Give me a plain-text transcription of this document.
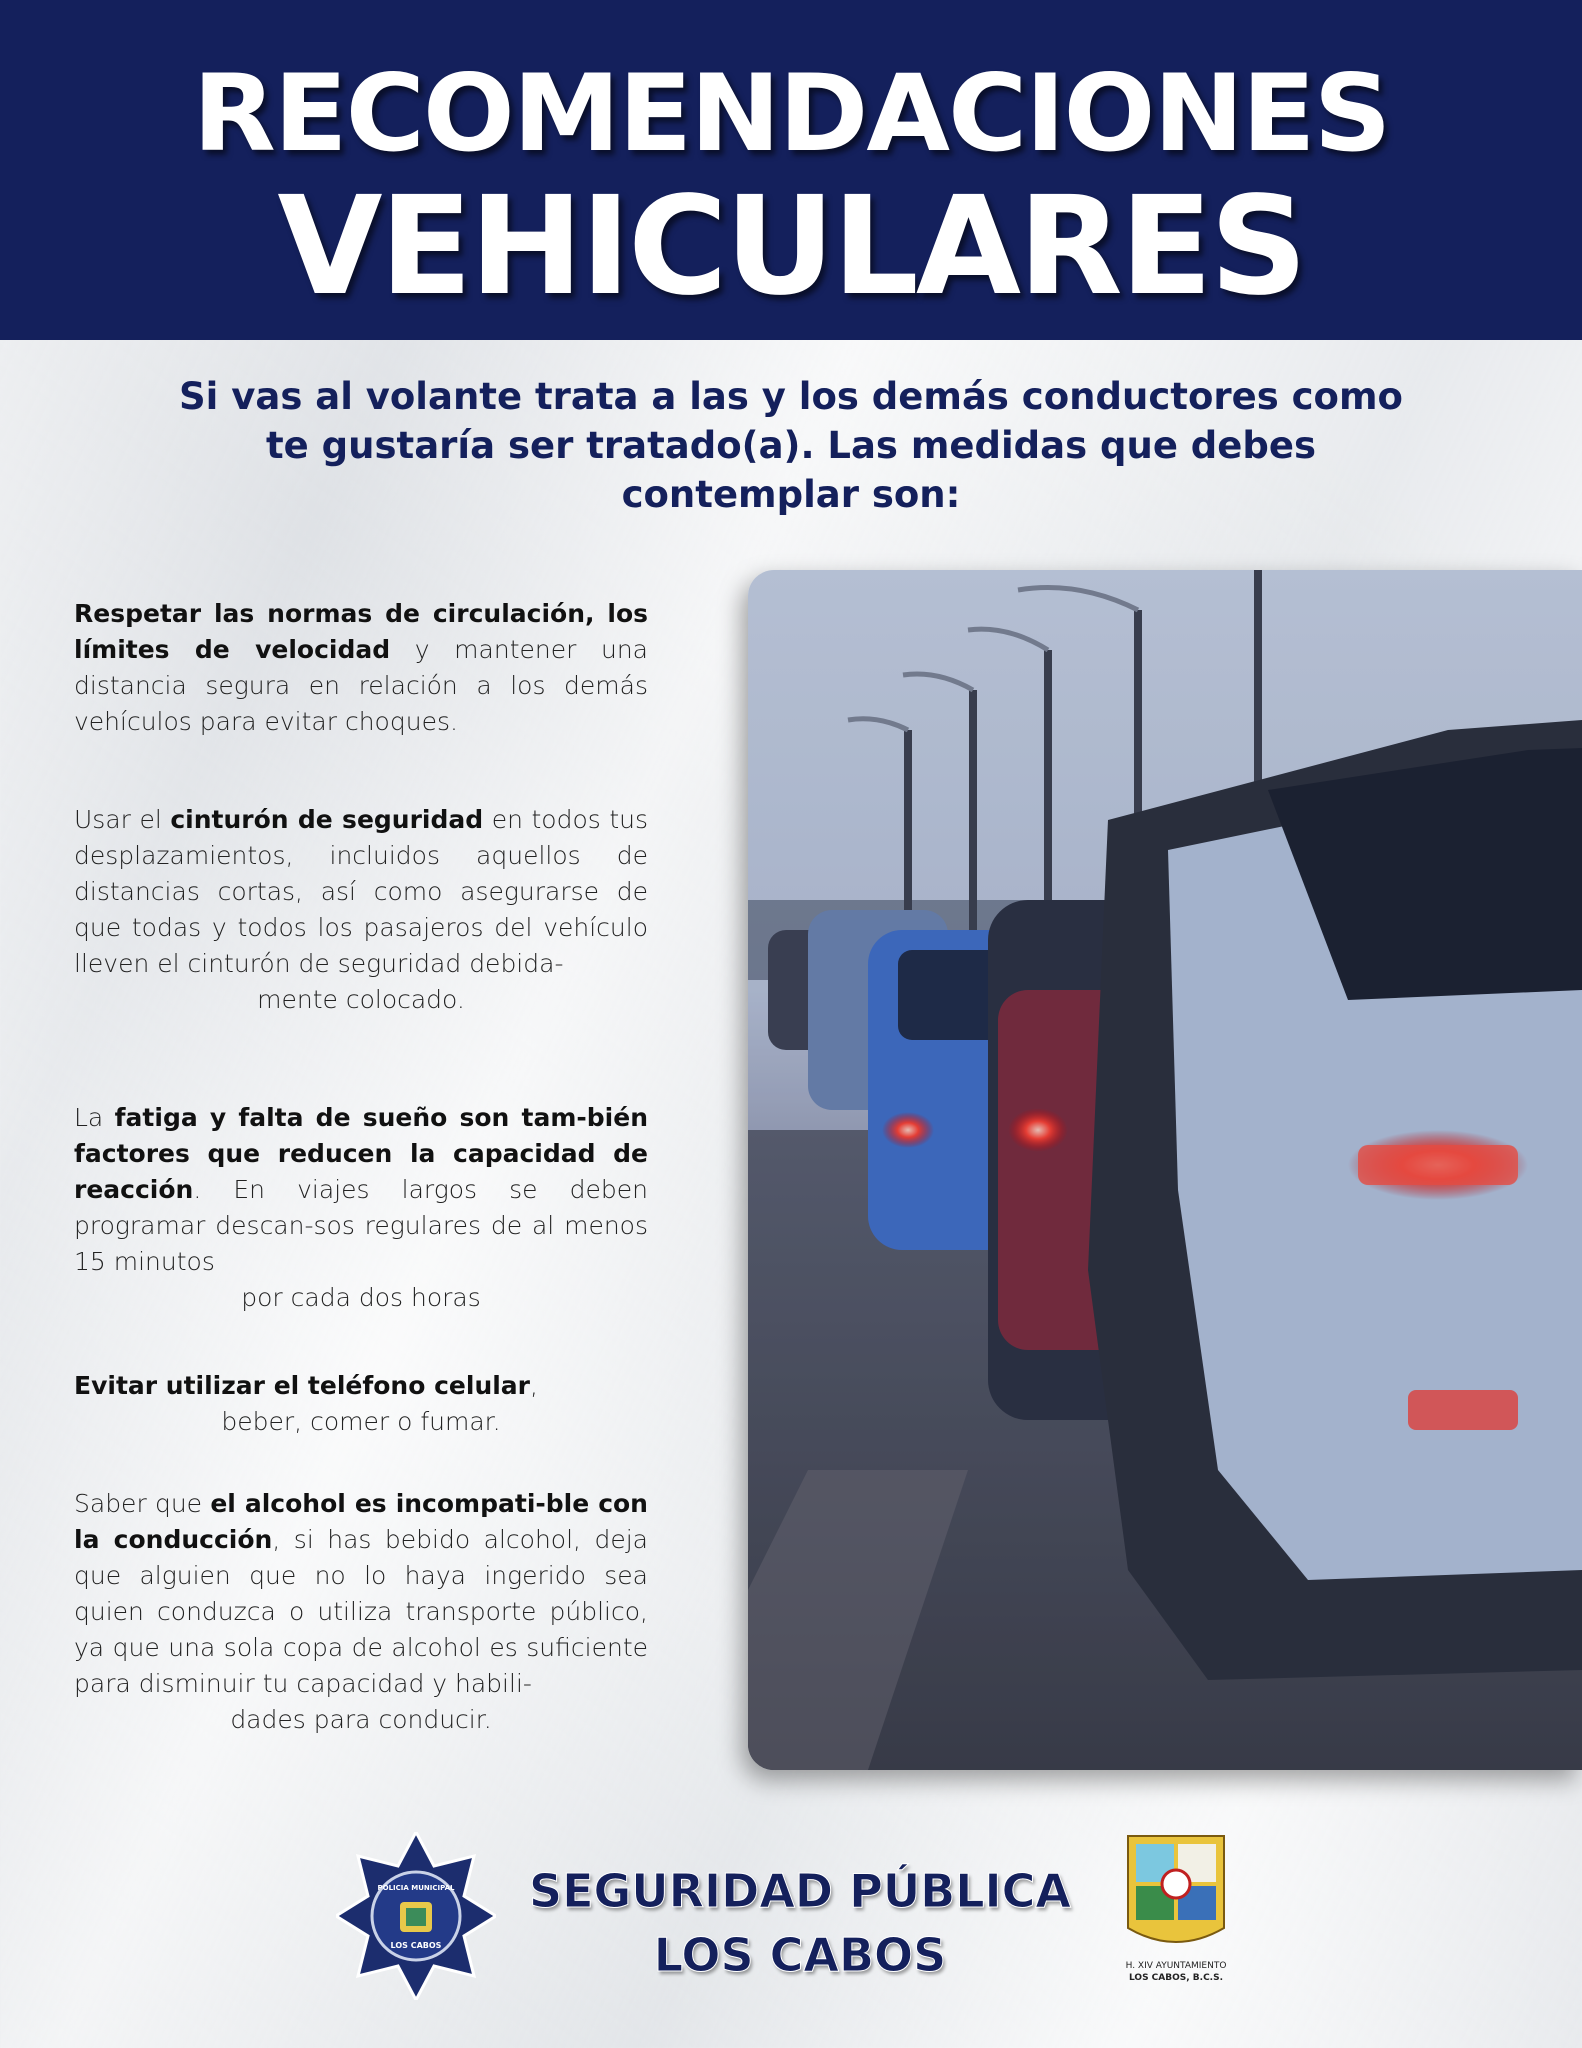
RECOMENDACIONES
VEHICULARES
Si vas al volante trata a las y los demás conductores como te gustaría ser tratado(a). Las medidas que debes contemplar son:
Respetar las normas de circulación, los límites de velocidad y mantener una distancia segura en relación a los demás vehículos para evitar choques.
Usar el cinturón de seguridad en todos tus desplazamientos, incluidos aquellos de distancias cortas, así como asegurarse de que todas y todos los pasajeros del vehículo lleven el cinturón de seguridad debida-
mente colocado.
La fatiga y falta de sueño son tam-bién factores que reducen la capacidad de reacción. En viajes largos se deben programar descan-sos regulares de al menos 15 minutos
por cada dos horas
Evitar utilizar el teléfono celular,
beber, comer o fumar.
Saber que el alcohol es incompati-ble con la conducción, si has bebido alcohol, deja que alguien que no lo haya ingerido sea quien conduzca o utiliza transporte público, ya que una sola copa de alcohol es suficiente para disminuir tu capacidad y habili-
dades para conducir.
POLICIA MUNICIPAL
LOS CABOS
SEGURIDAD PÚBLICA
LOS CABOS	H. XIV AYUNTAMIENTO
LOS CABOS, B.C.S.
